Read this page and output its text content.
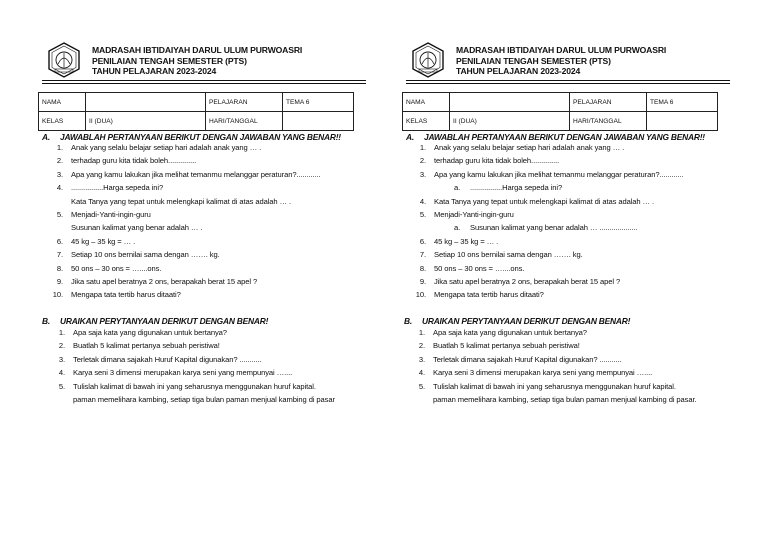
MADRASAH IBTIDAIYAH DARUL ULUM PURWOASRI
PENILAIAN TENGAH SEMESTER (PTS)
TAHUN PELAJARAN 2023-2024
NAMA		PELAJARAN	TEMA 6
KELAS	II (DUA)	HARI/TANGGAL	
A. JAWABLAH PERTANYAAN BERIKUT DENGAN JAWABAN YANG BENAR!!
1. Anak yang selalu belajar setiap hari adalah anak yang … .
2. terhadap guru kita tidak boleh..............
3. Apa yang kamu lakukan jika melihat temanmu melanggar peraturan?............
4. ................Harga sepeda ini?
Kata Tanya yang tepat untuk melengkapi kalimat di atas adalah … .
5. Menjadi-Yanti-ingin-guru
Susunan kalimat yang benar adalah … .
6. 45 kg – 35 kg = … .
7. Setiap 10 ons bernilai sama dengan ……. kg.
8. 50 ons – 30 ons = …....ons.
9. Jika satu apel beratnya 2 ons, berapakah berat 15 apel ?
10. Mengapa tata tertib harus ditaati?
B. URAIKAN PERYTANYAAN DERIKUT DENGAN BENAR!
1. Apa saja kata yang digunakan untuk bertanya?
2. Buatlah 5 kalimat pertanya sebuah peristiwa!
3. Terletak dimana sajakah Huruf Kapital digunakan? ...........
4. Karya seni 3 dimensi merupakan karya seni yang mempunyai …....
5. Tulislah kalimat di bawah ini yang seharusnya menggunakan huruf kapital.
paman memelihara kambing, setiap tiga bulan paman menjual kambing di pasar
MADRASAH IBTIDAIYAH DARUL ULUM PURWOASRI
PENILAIAN TENGAH SEMESTER (PTS)
TAHUN PELAJARAN 2023-2024
NAMA		PELAJARAN	TEMA 6
KELAS	II (DUA)	HARI/TANGGAL	
A. JAWABLAH PERTANYAAN BERIKUT DENGAN JAWABAN YANG BENAR!!
1. Anak yang selalu belajar setiap hari adalah anak yang … .
2. terhadap guru kita tidak boleh..............
3. Apa yang kamu lakukan jika melihat temanmu melanggar peraturan?............
a. ................Harga sepeda ini?
4. Kata Tanya yang tepat untuk melengkapi kalimat di atas adalah … .
5. Menjadi-Yanti-ingin-guru
a. Susunan kalimat yang benar adalah … ...................
6. 45 kg – 35 kg = … .
7. Setiap 10 ons bernilai sama dengan ……. kg.
8. 50 ons – 30 ons = …....ons.
9. Jika satu apel beratnya 2 ons, berapakah berat 15 apel ?
10. Mengapa tata tertib harus ditaati?
B. URAIKAN PERYTANYAAN DERIKUT DENGAN BENAR!
1. Apa saja kata yang digunakan untuk bertanya?
2. Buatlah 5 kalimat pertanya sebuah peristiwa!
3. Terletak dimana sajakah Huruf Kapital digunakan? ...........
4. Karya seni 3 dimensi merupakan karya seni yang mempunyai …....
5. Tulislah kalimat di bawah ini yang seharusnya menggunakan huruf kapital.
paman memelihara kambing, setiap tiga bulan paman menjual kambing di pasar.
